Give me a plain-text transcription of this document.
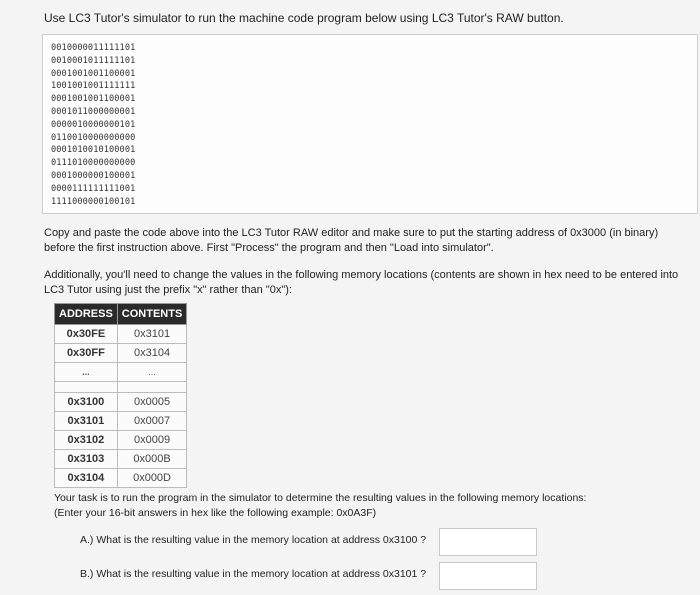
Use LC3 Tutor's simulator to run the machine code program below using LC3 Tutor's RAW button.
0010000011111101
0010001011111101
0001001001100001
1001001001111111
0001001001100001
0001011000000001
0000010000000101
0110010000000000
0001010010100001
0111010000000000
0001000000100001
0000111111111001
1111000000100101
Copy and paste the code above into the LC3 Tutor RAW editor and make sure to put the starting address of 0x3000 (in binary) before the first instruction above. First "Process" the program and then "Load into simulator".
Additionally, you'll need to change the values in the following memory locations (contents are shown in hex need to be entered into LC3 Tutor using just the prefix "x" rather than "0x"):
ADDRESS	CONTENTS
0x30FE	0x3101
0x30FF	0x3104
...	...

0x3100	0x0005
0x3101	0x0007
0x3102	0x0009
0x3103	0x000B
0x3104	0x000D
Your task is to run the program in the simulator to determine the resulting values in the following memory locations:
(Enter your 16-bit answers in hex like the following example: 0x0A3F)
A.) What is the resulting value in the memory location at address 0x3100 ?
B.) What is the resulting value in the memory location at address 0x3101 ?
